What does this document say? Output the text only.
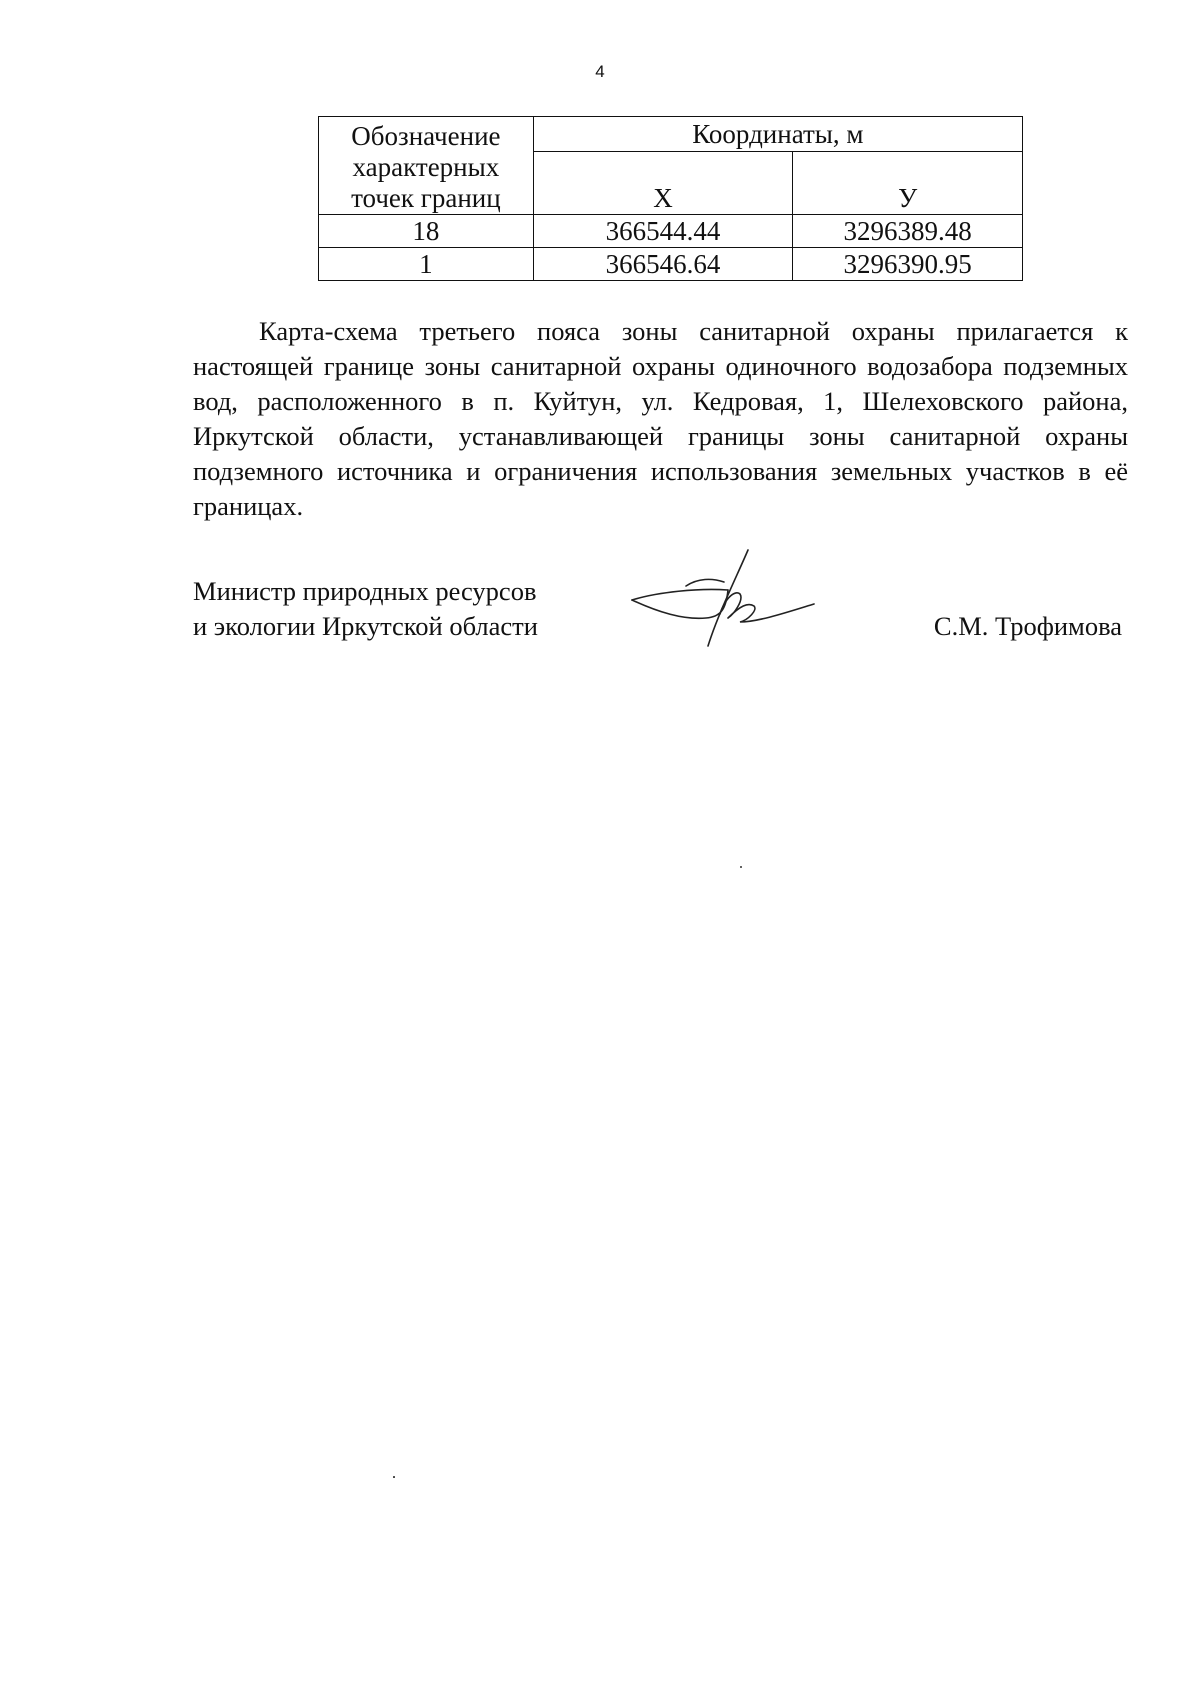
4
Обозначение
характерных
точек границ	Координаты, м	
	Х	У
18	366544.44	3296389.48
1	366546.64	3296390.95

Карта-схема третьего пояса зоны санитарной охраны прилагается к настоящей границе зоны санитарной охраны одиночного водозабора подземных вод, расположенного в п. Куйтун, ул. Кедровая, 1, Шелеховского района, Иркутской области, устанавливающей границы зоны санитарной охраны подземного источника и ограничения использования земельных участков в её границах.

Министр природных ресурсов
и экологии Иркутской области	С.М. Трофимова
